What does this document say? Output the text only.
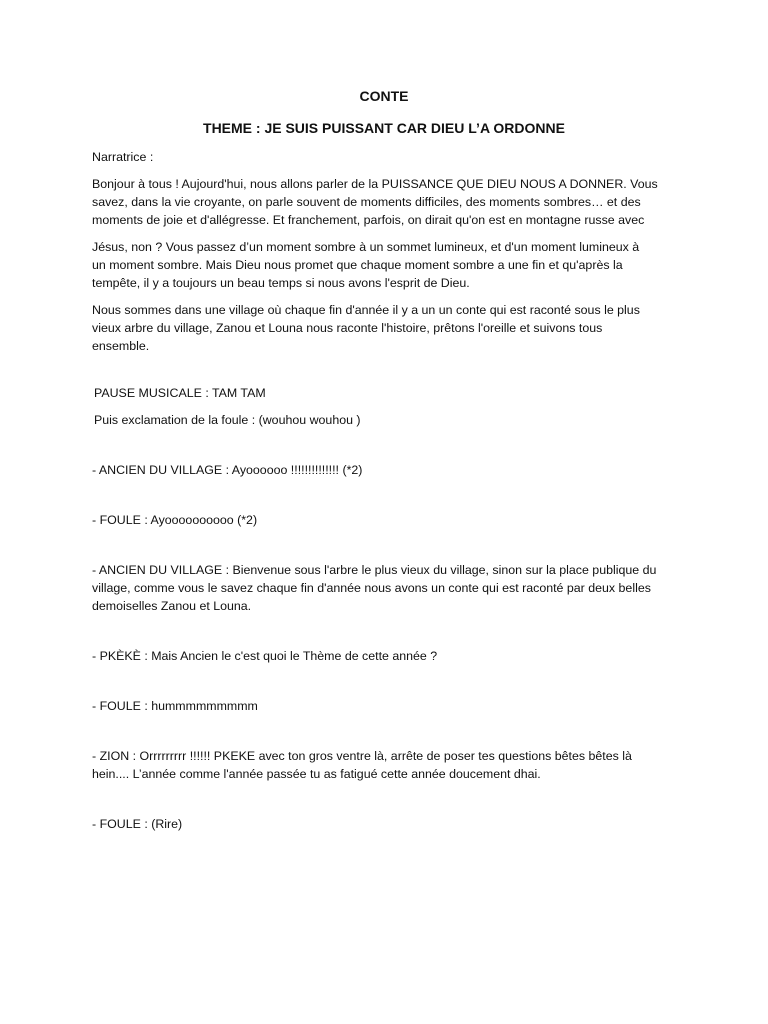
CONTE
THEME : JE SUIS PUISSANT CAR DIEU L’A ORDONNE

Narratrice :

Bonjour à tous ! Aujourd'hui, nous allons parler de la PUISSANCE QUE DIEU NOUS A DONNER. Vous
savez, dans la vie croyante, on parle souvent de moments difficiles, des moments sombres… et des
moments de joie et d'allégresse. Et franchement, parfois, on dirait qu'on est en montagne russe avec

Jésus, non ? Vous passez d’un moment sombre à un sommet lumineux, et d'un moment lumineux à
un moment sombre. Mais Dieu nous promet que chaque moment sombre a une fin et qu'après la
tempête, il y a toujours un beau temps si nous avons l'esprit de Dieu.

Nous sommes dans une village où chaque fin d'année il y a un un conte qui est raconté sous le plus
vieux arbre du village, Zanou et Louna nous raconte l'histoire, prêtons l'oreille et suivons tous
ensemble.

PAUSE MUSICALE : TAM TAM

Puis exclamation de la foule : (wouhou wouhou )

- ANCIEN DU VILLAGE : Ayoooooo !!!!!!!!!!!!!! (*2)

- FOULE : Ayoooooooooo (*2)

- ANCIEN DU VILLAGE : Bienvenue sous l'arbre le plus vieux du village, sinon sur la place publique du
village, comme vous le savez chaque fin d'année nous avons un conte qui est raconté par deux belles
demoiselles Zanou et Louna.

- PKÈKÈ : Mais Ancien le c'est quoi le Thème de cette année ?

- FOULE : hummmmmmmmm

- ZION : Orrrrrrrrr !!!!!! PKEKE avec ton gros ventre là, arrête de poser tes questions bêtes bêtes là
hein.... L’année comme l'année passée tu as fatigué cette année doucement dhai.

- FOULE : (Rire)
